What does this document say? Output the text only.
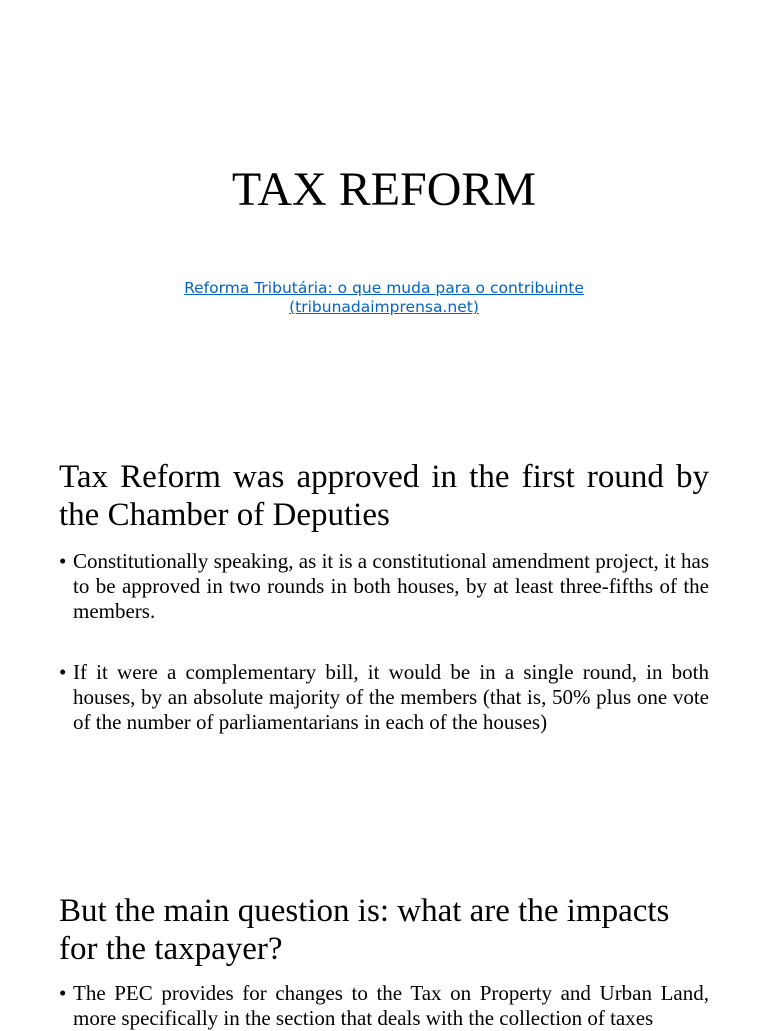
TAX REFORM
Reforma Tributária: o que muda para o contribuinte
(tribunadaimprensa.net)
Tax Reform was approved in the first round by the Chamber of Deputies
• Constitutionally speaking, as it is a constitutional amendment project, it has to be approved in two rounds in both houses, by at least three-fifths of the members.
• If it were a complementary bill, it would be in a single round, in both houses, by an absolute majority of the members (that is, 50% plus one vote of the number of parliamentarians in each of the houses)
But the main question is: what are the impacts for the taxpayer?
• The PEC provides for changes to the Tax on Property and Urban Land, more specifically in the section that deals with the collection of taxes
